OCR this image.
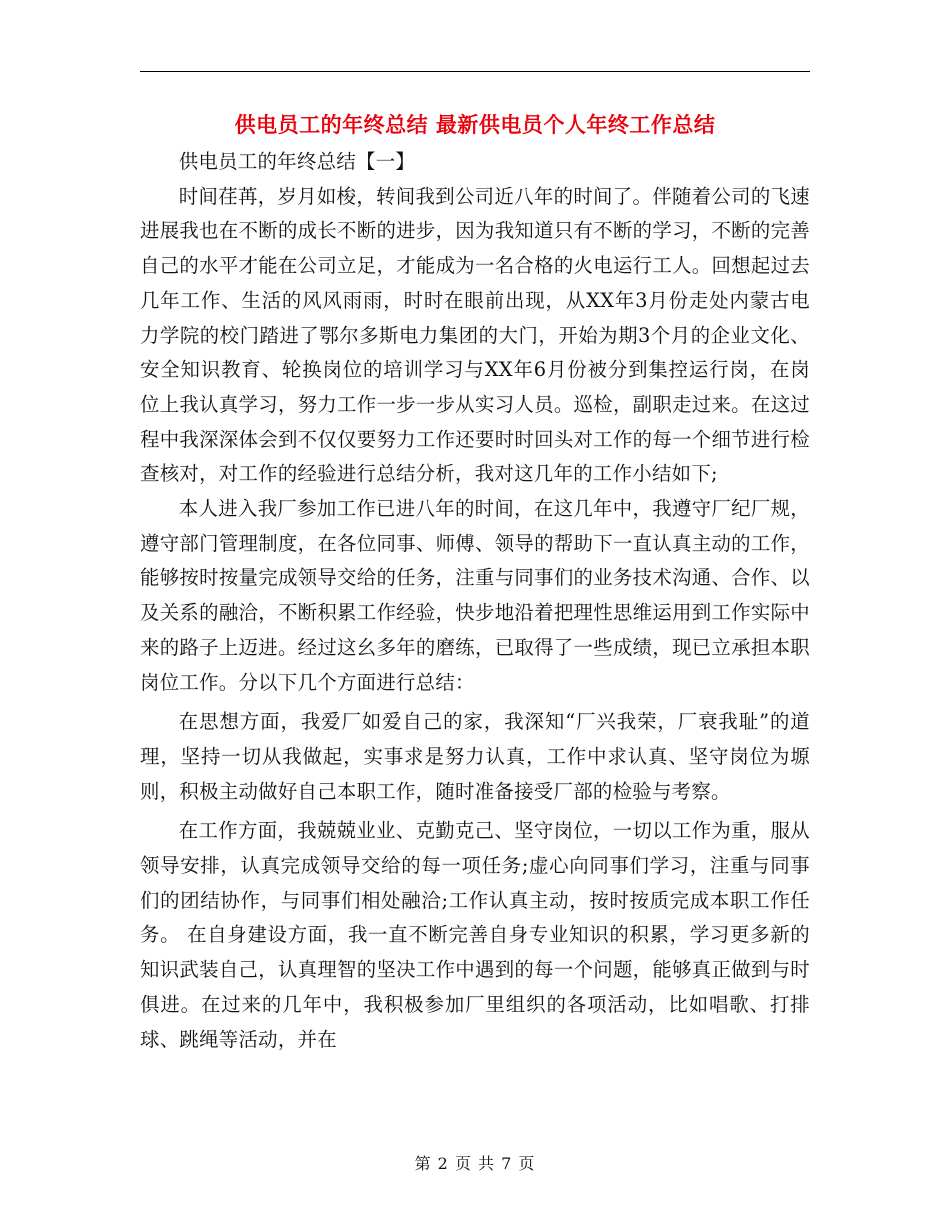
供电员工的年终总结 最新供电员个人年终工作总结

供电员工的年终总结【一】

时间荏苒，岁月如梭，转间我到公司近八年的时间了。伴随着公司的飞速进展我也在不断的成长不断的进步，因为我知道只有不断的学习，不断的完善自己的水平才能在公司立足，才能成为一名合格的火电运行工人。回想起过去几年工作、生活的风风雨雨，时时在眼前出现，从XX年3月份走处内蒙古电力学院的校门踏进了鄂尔多斯电力集团的大门，开始为期3个月的企业文化、安全知识教育、轮换岗位的培训学习与XX年6月份被分到集控运行岗，在岗位上我认真学习，努力工作一步一步从实习人员。巡检，副职走过来。在这过程中我深深体会到不仅仅要努力工作还要时时回头对工作的每一个细节进行检查核对，对工作的经验进行总结分析，我对这几年的工作小结如下;

本人进入我厂参加工作已进八年的时间，在这几年中，我遵守厂纪厂规，遵守部门管理制度，在各位同事、师傅、领导的帮助下一直认真主动的工作，能够按时按量完成领导交给的任务，注重与同事们的业务技术沟通、合作、以及关系的融洽，不断积累工作经验，快步地沿着把理性思维运用到工作实际中来的路子上迈进。经过这幺多年的磨练，已取得了一些成绩，现已立承担本职岗位工作。分以下几个方面进行总结：

在思想方面，我爱厂如爱自己的家，我深知“厂兴我荣，厂衰我耻”的道理，坚持一切从我做起，实事求是努力认真，工作中求认真、坚守岗位为塬则，积极主动做好自己本职工作，随时准备接受厂部的检验与考察。

在工作方面，我兢兢业业、克勤克己、坚守岗位，一切以工作为重，服从领导安排，认真完成领导交给的每一项任务;虚心向同事们学习，注重与同事们的团结协作，与同事们相处融洽;工作认真主动，按时按质完成本职工作任务。 在自身建设方面，我一直不断完善自身专业知识的积累，学习更多新的知识武装自己，认真理智的坚决工作中遇到的每一个问题，能够真正做到与时俱进。在过来的几年中，我积极参加厂里组织的各项活动，比如唱歌、打排球、跳绳等活动，并在

第 2 页 共 7 页
